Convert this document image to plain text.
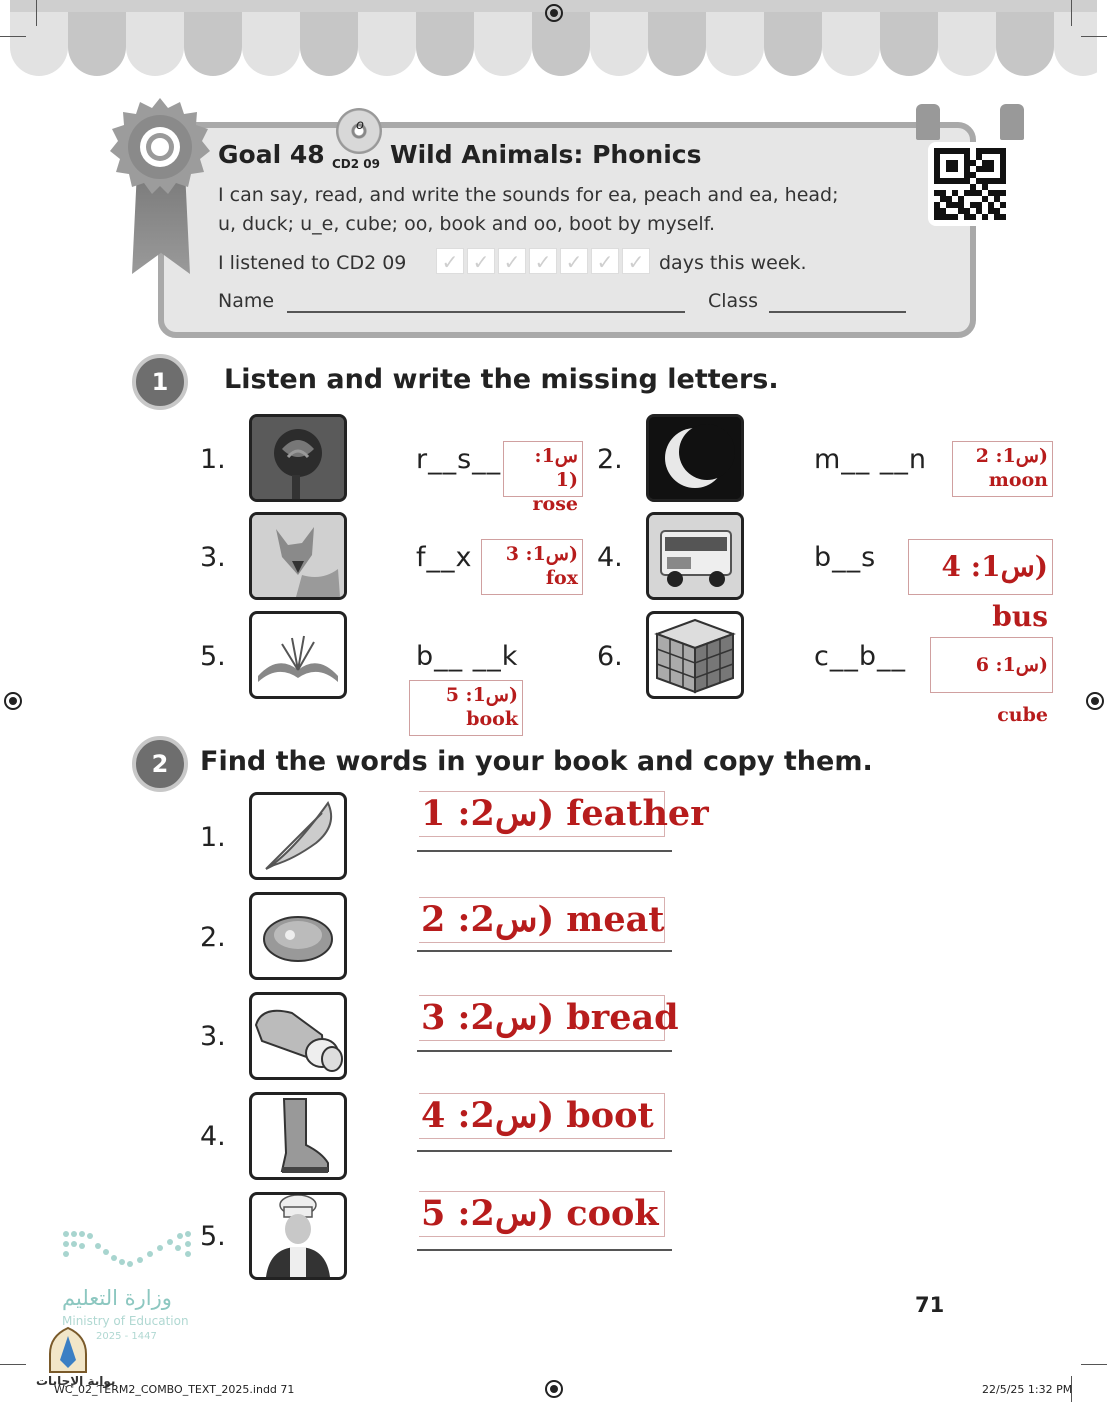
o
Goal 48 CD2 09 Wild Animals: Phonics
I can say, read, and write the sounds for ea, peach and ea, head;
u, duck; u_e, cube; oo, book and oo, boot by myself.
I listened to CD2 09 ✓ ✓ ✓ ✓ ✓ ✓ ✓ days this week.
Name	Class
1	Listen and write the missing letters.
1.	r__s__	س1: 1)
rose
2.	m__ __n	س1: 2)
moon
3.	f__x	س1: 3)
fox
4.	b__s	س1: 4) bus
5.	b__ __k
س1: 5)
book
6.	c__b__	س1: 6) cube
2	Find the words in your book and copy them.
1.
س2: 1) feather
2.	س2: 2) meat
3.	س2: 3) bread
4.
س2: 4) boot
5.
س2: 5) cook
وزارة التعليم
Ministry of Education
2025 - 1447
بوابة الإجابات
71
WC_02_TERM2_COMBO_TEXT_2025.indd 71	22/5/25 1:32 PM
